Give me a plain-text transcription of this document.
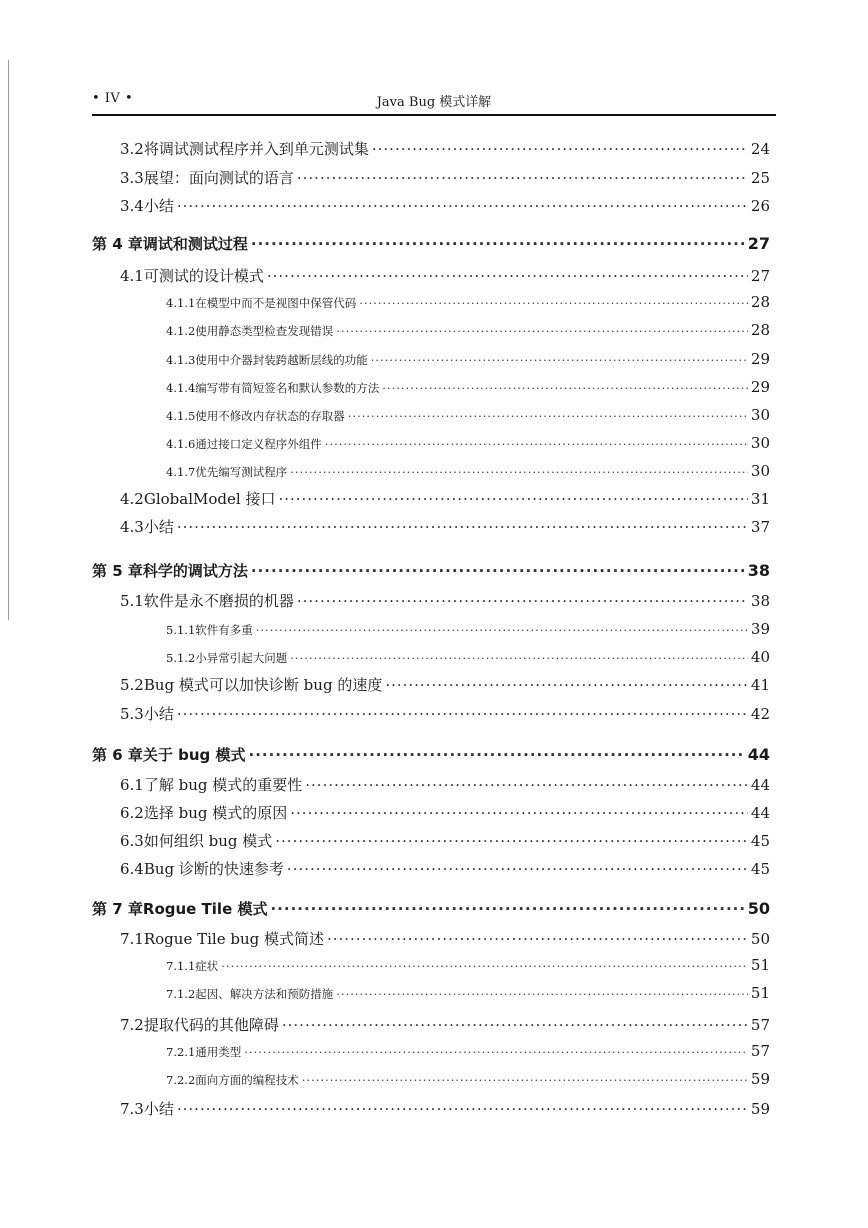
• IV •	Java Bug 模式详解
3.2 将调试测试程序并入到单元测试集 ·····	24
3.3 展望：面向测试的语言 ·····	25
3.4 小结 ·····	26
第 4 章 调试和测试过程 ·····	27
4.1 可测试的设计模式 ·····	27
4.1.1 在模型中而不是视图中保管代码 ·····	28
4.1.2 使用静态类型检查发现错误 ·····	28
4.1.3 使用中介器封装跨越断层线的功能 ·····	29
4.1.4 编写带有简短签名和默认参数的方法 ·····	29
4.1.5 使用不修改内存状态的存取器 ·····	30
4.1.6 通过接口定义程序外组件 ·····	30
4.1.7 优先编写测试程序 ·····	30
4.2 GlobalModel 接口 ·····	31
4.3 小结 ·····	37
第 5 章 科学的调试方法 ·····	38
5.1 软件是永不磨损的机器 ·····	38
5.1.1 软件有多重 ·····	39
5.1.2 小异常引起大问题 ·····	40
5.2 Bug 模式可以加快诊断 bug 的速度 ·····	41
5.3 小结 ·····	42
第 6 章 关于 bug 模式 ·····	44
6.1 了解 bug 模式的重要性 ·····	44
6.2 选择 bug 模式的原因 ·····	44
6.3 如何组织 bug 模式 ·····	45
6.4 Bug 诊断的快速参考 ·····	45
第 7 章 Rogue Tile 模式 ·····	50
7.1 Rogue Tile bug 模式简述 ·····	50
7.1.1 症状 ·····	51
7.1.2 起因、解决方法和预防措施 ·····	51
7.2 提取代码的其他障碍 ·····	57
7.2.1 通用类型 ·····	57
7.2.2 面向方面的编程技术 ·····	59
7.3 小结 ·····	59
